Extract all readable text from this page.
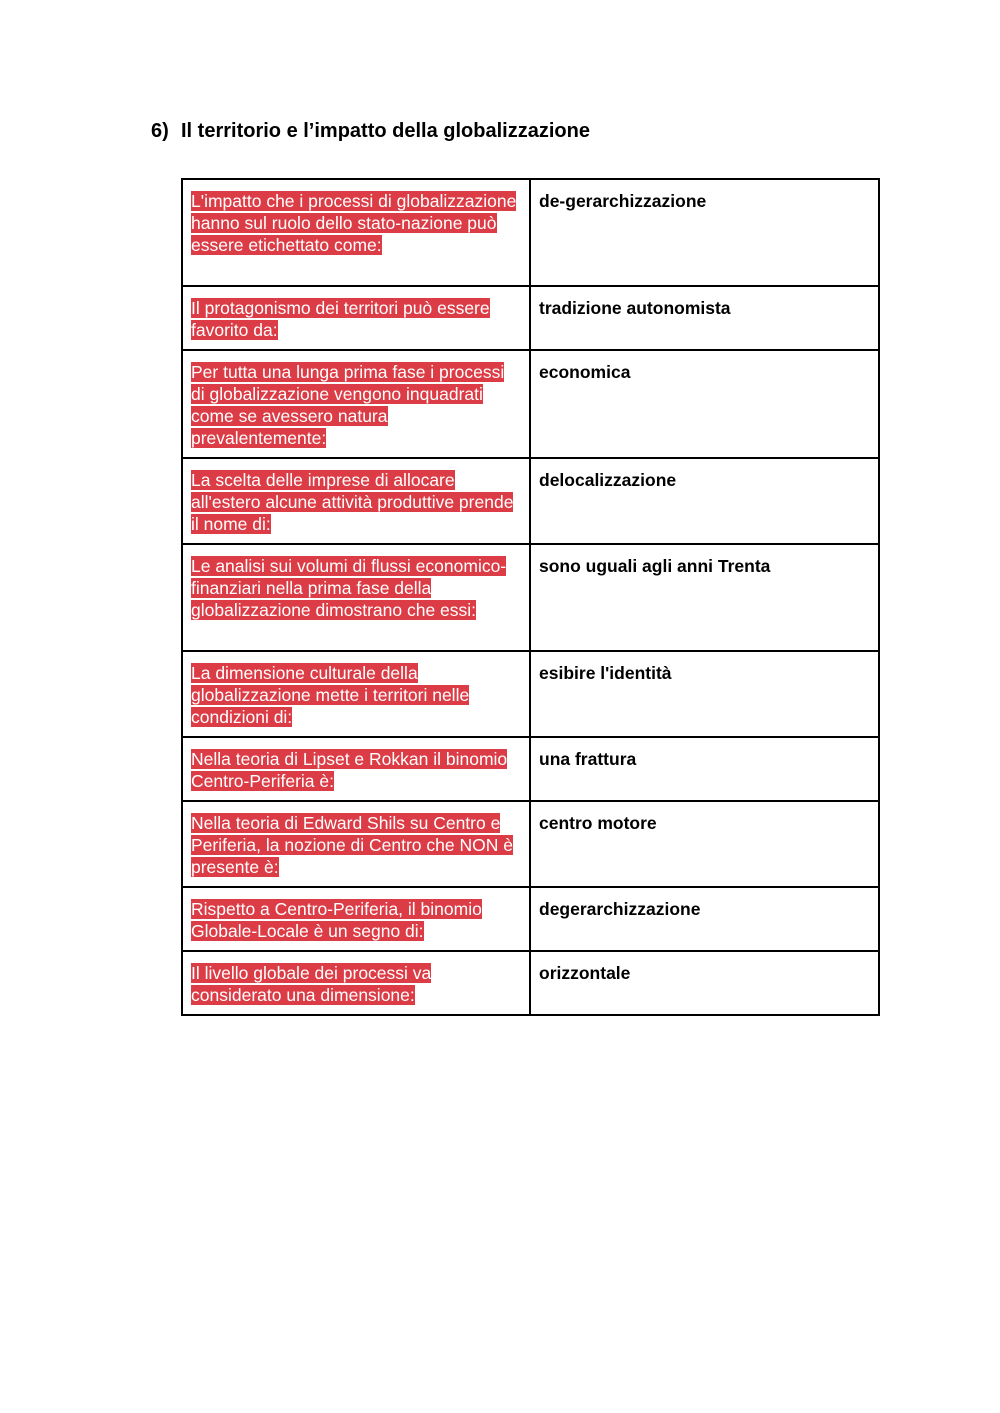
6) Il territorio e l’impatto della globalizzazione
L'impatto che i processi di globalizzazione hanno sul ruolo dello stato-nazione può essere etichettato come:	de-gerarchizzazione
Il protagonismo dei territori può essere favorito da:	tradizione autonomista
Per tutta una lunga prima fase i processi di globalizzazione vengono inquadrati come se avessero natura prevalentemente:	economica
La scelta delle imprese di allocare all'estero alcune attività produttive prende il nome di:	delocalizzazione
Le analisi sui volumi di flussi economico-finanziari nella prima fase della globalizzazione dimostrano che essi:	sono uguali agli anni Trenta
La dimensione culturale della globalizzazione mette i territori nelle condizioni di:	esibire l'identità
Nella teoria di Lipset e Rokkan il binomio Centro-Periferia è:	una frattura
Nella teoria di Edward Shils su Centro e Periferia, la nozione di Centro che NON è presente è:	centro motore
Rispetto a Centro-Periferia, il binomio Globale-Locale è un segno di:	degerarchizzazione
Il livello globale dei processi va considerato una dimensione:	orizzontale
